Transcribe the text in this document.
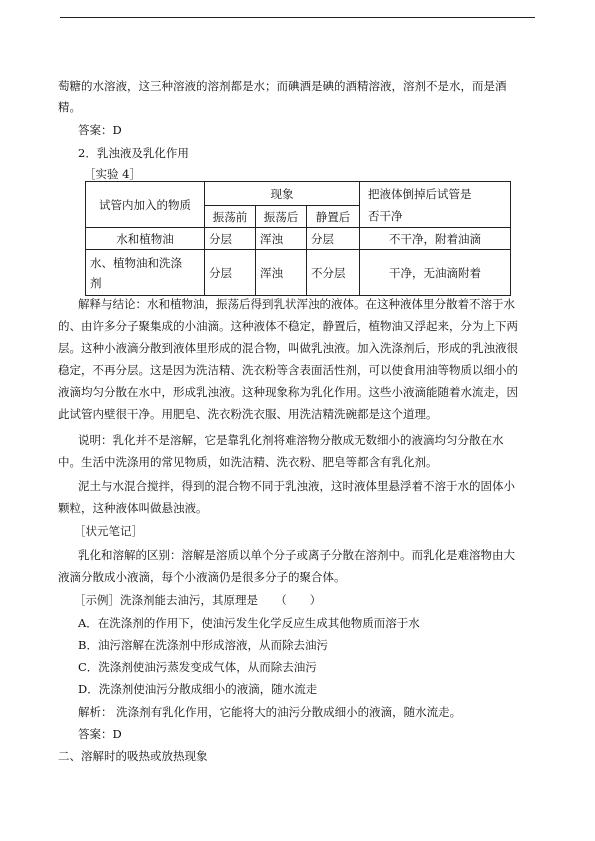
萄糖的水溶液，这三种溶液的溶剂都是水；而碘酒是碘的酒精溶液，溶剂不是水，而是酒

精。

答案：D

2．乳浊液及乳化作用

［实验 4］

试管内加入的物质	现象			把液体倒掉后试管是
否干净

	振荡前	振荡后	静置后	
水和植物油	分层	浑浊	分层	不干净，附着油滴

水、植物油和洗涤
剂	分层	浑浊	不分层	干净，无油滴附着

解释与结论：水和植物油，振荡后得到乳状浑浊的液体。在这种液体里分散着不溶于水

的、由许多分子聚集成的小油滴。这种液体不稳定，静置后，植物油又浮起来，分为上下两

层。这种小液滴分散到液体里形成的混合物，叫做乳浊液。加入洗涤剂后，形成的乳浊液很

稳定，不再分层。这是因为洗洁精、洗衣粉等含表面活性剂，可以使食用油等物质以细小的

液滴均匀分散在水中，形成乳浊液。这种现象称为乳化作用。这些小液滴能随着水流走，因

此试管内壁很干净。用肥皂、洗衣粉洗衣服、用洗洁精洗碗都是这个道理。

说明：乳化并不是溶解，它是靠乳化剂将难溶物分散成无数细小的液滴均匀分散在水

中。生活中洗涤用的常见物质，如洗洁精、洗衣粉、肥皂等都含有乳化剂。

泥土与水混合搅拌，得到的混合物不同于乳浊液，这时液体里悬浮着不溶于水的固体小

颗粒，这种液体叫做悬浊液。

［状元笔记］

乳化和溶解的区别：溶解是溶质以单个分子或离子分散在溶剂中。而乳化是难溶物由大

液滴分散成小液滴，每个小液滴仍是很多分子的聚合体。

［示例］洗涤剂能去油污，其原理是　　（　　）

A．在洗涤剂的作用下，使油污发生化学反应生成其他物质而溶于水

B．油污溶解在洗涤剂中形成溶液，从而除去油污

C．洗涤剂使油污蒸发变成气体，从而除去油污

D．洗涤剂使油污分散成细小的液滴，随水流走

解析： 洗涤剂有乳化作用，它能将大的油污分散成细小的液滴，随水流走。

答案：D

二、溶解时的吸热或放热现象
